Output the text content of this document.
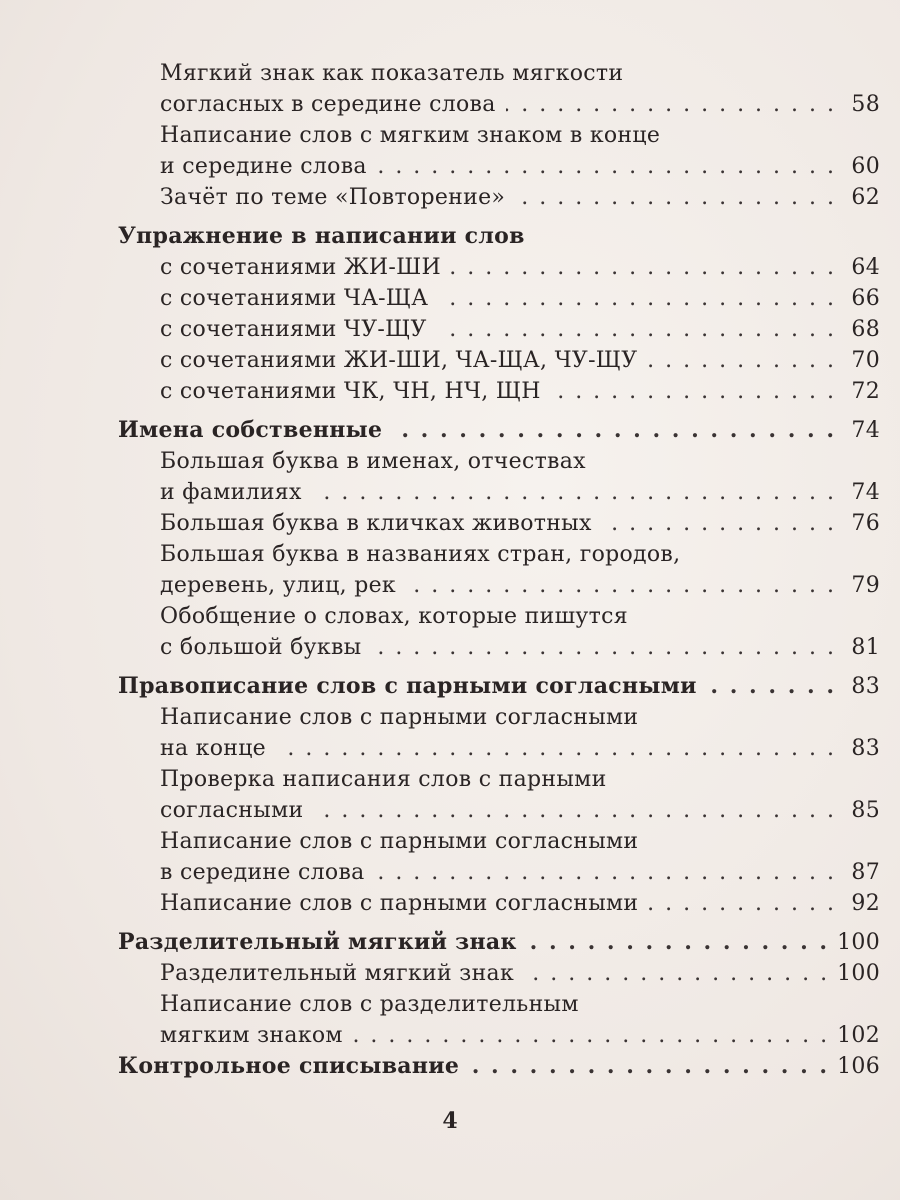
Мягкий знак как показатель мягкости
согласных в середине слова . . .	58
Написание слов с мягким знаком в конце
и середине слова . . .	60
Зачёт по теме «Повторение» . . .	62
Упражнение в написании слов
с сочетаниями ЖИ-ШИ . . .	64
с сочетаниями ЧА-ЩА . . .	66
с сочетаниями ЧУ-ЩУ . . .	68
с сочетаниями ЖИ-ШИ, ЧА-ЩА, ЧУ-ЩУ . . .	70
с сочетаниями ЧК, ЧН, НЧ, ЩН . . .	72
Имена собственные . . .	74
Большая буква в именах, отчествах
и фамилиях . . .	74
Большая буква в кличках животных . . .	76
Большая буква в названиях стран, городов,
деревень, улиц, рек . . .	79
Обобщение о словах, которые пишутся
с большой буквы . . .	81
Правописание слов с парными согласными . . .	83
Написание слов с парными согласными
на конце . . .	83
Проверка написания слов с парными
согласными . . .	85
Написание слов с парными согласными
в середине слова . . .	87
Написание слов с парными согласными . . .	92
Разделительный мягкий знак . . .	100
Разделительный мягкий знак . . .	100
Написание слов с разделительным
мягким знаком . . .	102
Контрольное списывание . . .	106
4
